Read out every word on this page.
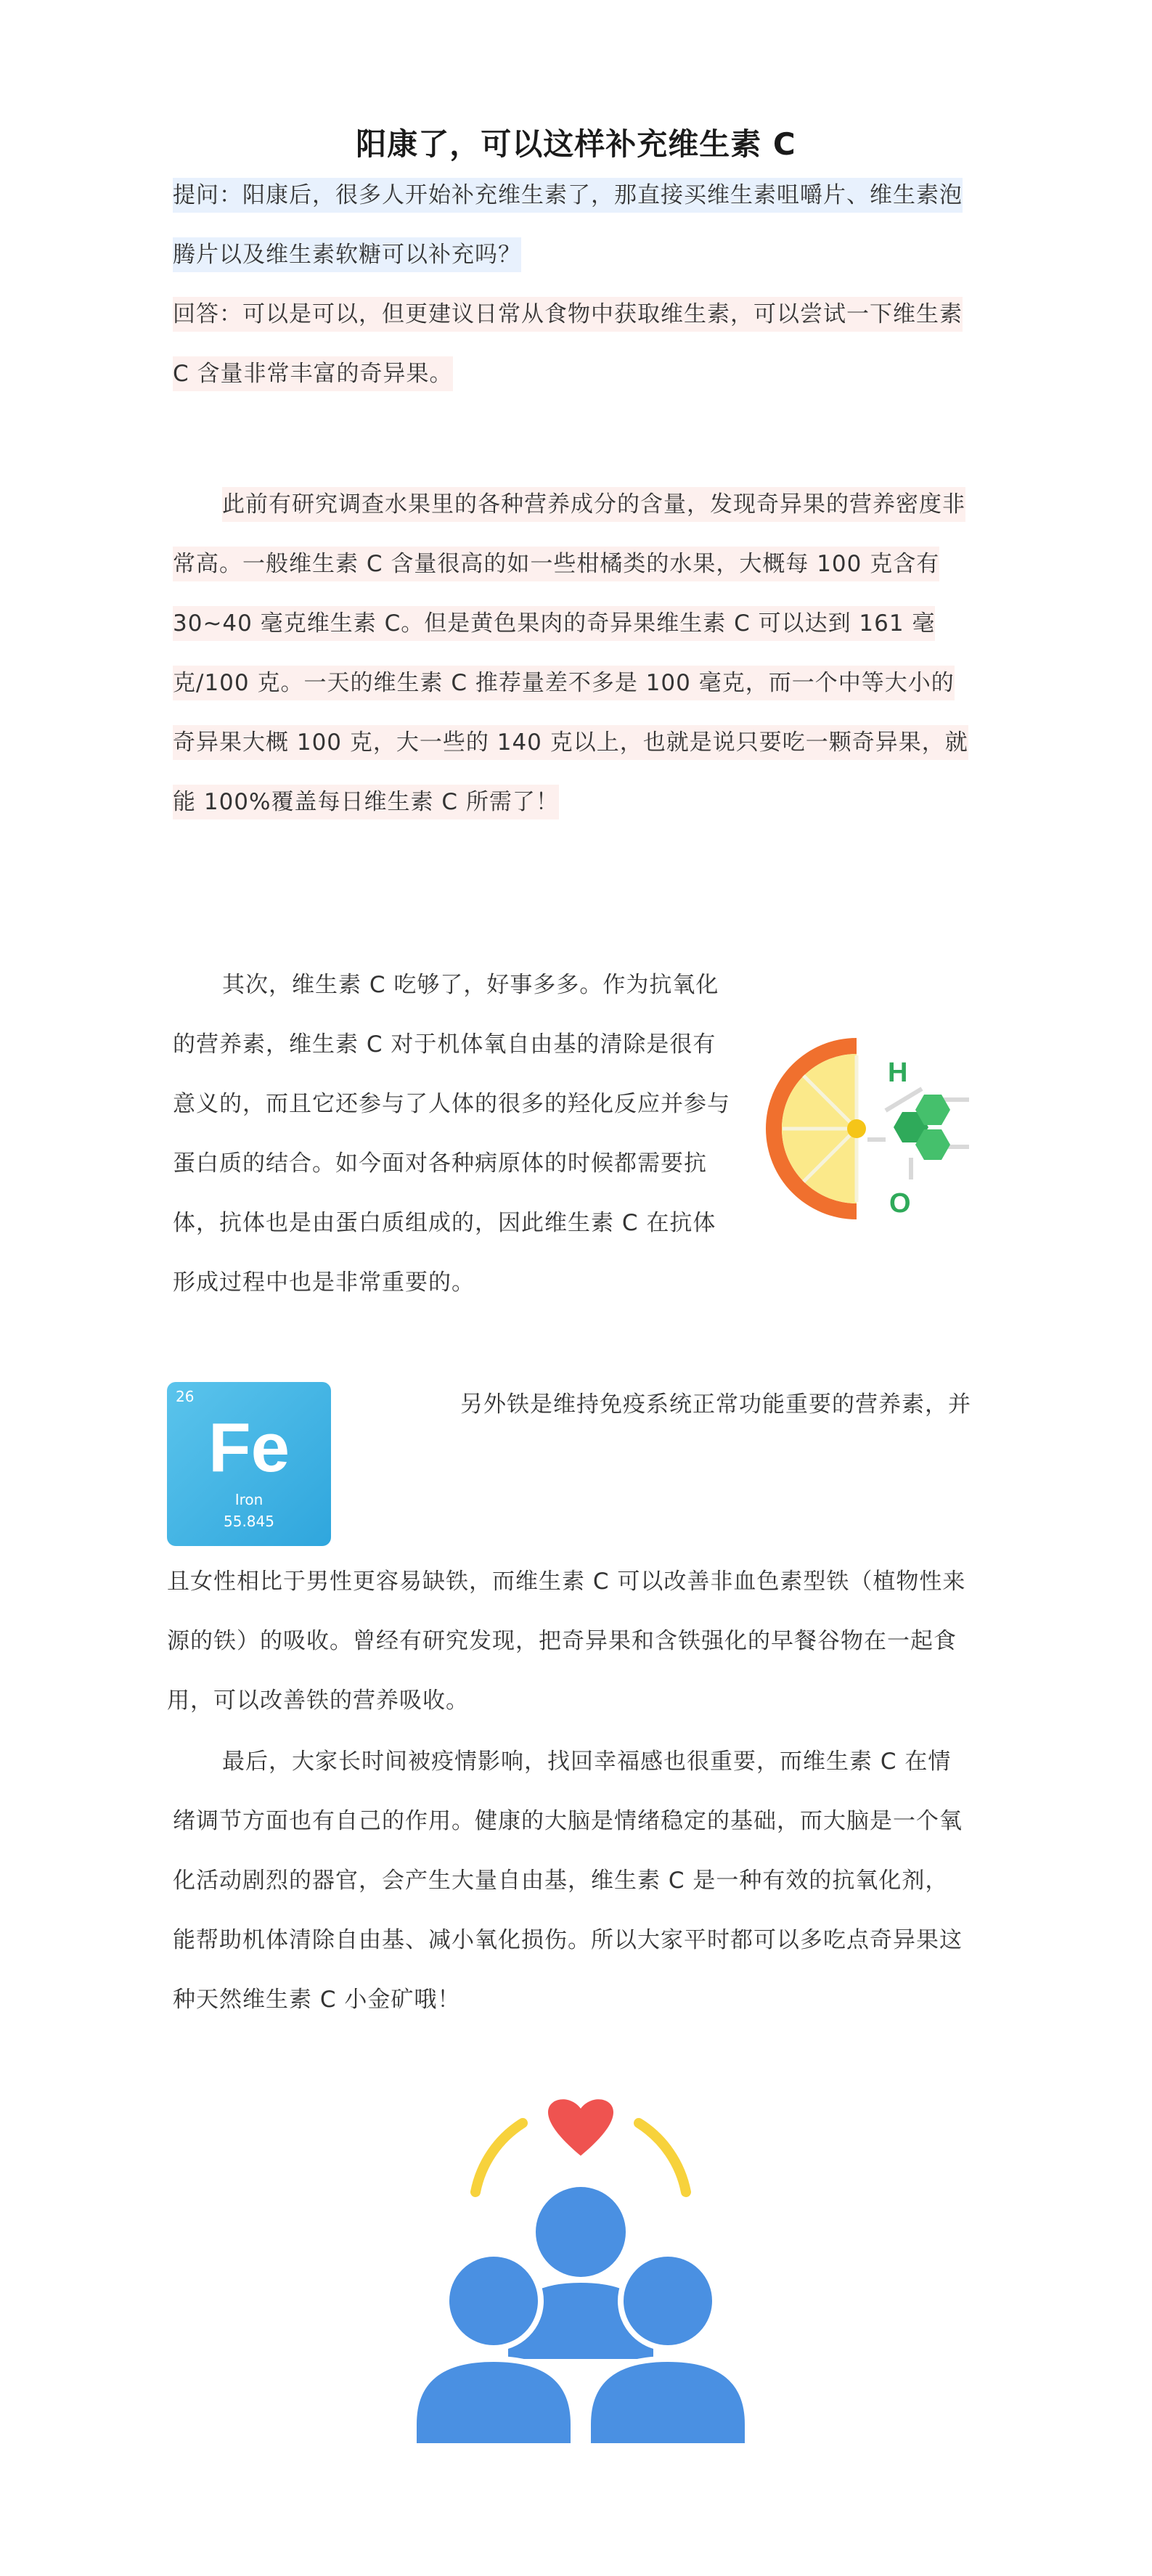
阳康了，可以这样补充维生素 C
提问：阳康后，很多人开始补充维生素了，那直接买维生素咀嚼片、维生素泡腾片以及维生素软糖可以补充吗？
回答：可以是可以，但更建议日常从食物中获取维生素，可以尝试一下维生素 C 含量非常丰富的奇异果。
此前有研究调查水果里的各种营养成分的含量，发现奇异果的营养密度非常高。一般维生素 C 含量很高的如一些柑橘类的水果，大概每 100 克含有 30~40 毫克维生素 C。但是黄色果肉的奇异果维生素 C 可以达到 161 毫克/100 克。一天的维生素 C 推荐量差不多是 100 毫克，而一个中等大小的奇异果大概 100 克，大一些的 140 克以上，也就是说只要吃一颗奇异果，就能 100%覆盖每日维生素 C 所需了！
其次，维生素 C 吃够了，好事多多。作为抗氧化的营养素，维生素 C 对于机体氧自由基的清除是很有意义的，而且它还参与了人体的很多的羟化反应并参与蛋白质的结合。如今面对各种病原体的时候都需要抗体，抗体也是由蛋白质组成的，因此维生素 C 在抗体形成过程中也是非常重要的。
H
O
26
Fe
Iron
55.845
另外铁是维持免疫系统正常功能重要的营养素，并
且女性相比于男性更容易缺铁，而维生素 C 可以改善非血色素型铁（植物性来源的铁）的吸收。曾经有研究发现，把奇异果和含铁强化的早餐谷物在一起食用，可以改善铁的营养吸收。
最后，大家长时间被疫情影响，找回幸福感也很重要，而维生素 C 在情绪调节方面也有自己的作用。健康的大脑是情绪稳定的基础，而大脑是一个氧化活动剧烈的器官，会产生大量自由基，维生素 C 是一种有效的抗氧化剂，能帮助机体清除自由基、减小氧化损伤。所以大家平时都可以多吃点奇异果这种天然维生素 C 小金矿哦！
